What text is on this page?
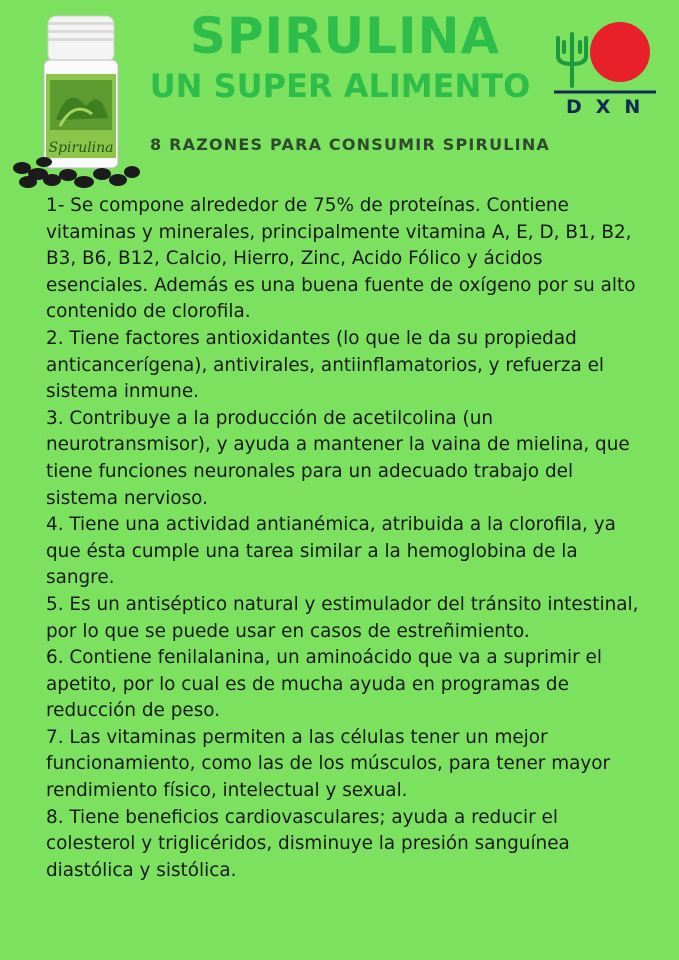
Spirulina
SPIRULINA
UN SUPER ALIMENTO
DXN
8 RAZONES PARA CONSUMIR SPIRULINA
1- Se compone alrededor de 75% de proteínas. Contiene vitaminas y minerales, principalmente vitamina A, E, D, B1, B2, B3, B6, B12, Calcio, Hierro, Zinc, Acido Fólico y ácidos esenciales. Además es una buena fuente de oxígeno por su alto contenido de clorofila.
2. Tiene factores antioxidantes (lo que le da su propiedad anticancerígena), antivirales, antiinflamatorios, y refuerza el sistema inmune.
3. Contribuye a la producción de acetilcolina (un neurotransmisor), y ayuda a mantener la vaina de mielina, que tiene funciones neuronales para un adecuado trabajo del sistema nervioso.
4. Tiene una actividad antianémica, atribuida a la clorofila, ya que ésta cumple una tarea similar a la hemoglobina de la sangre.
5. Es un antiséptico natural y estimulador del tránsito intestinal, por lo que se puede usar en casos de estreñimiento.
6. Contiene fenilalanina, un aminoácido que va a suprimir el apetito, por lo cual es de mucha ayuda en programas de reducción de peso.
7. Las vitaminas permiten a las células tener un mejor funcionamiento, como las de los músculos, para tener mayor rendimiento físico, intelectual y sexual.
8. Tiene beneficios cardiovasculares; ayuda a reducir el colesterol y triglicéridos, disminuye la presión sanguínea diastólica y sistólica.
